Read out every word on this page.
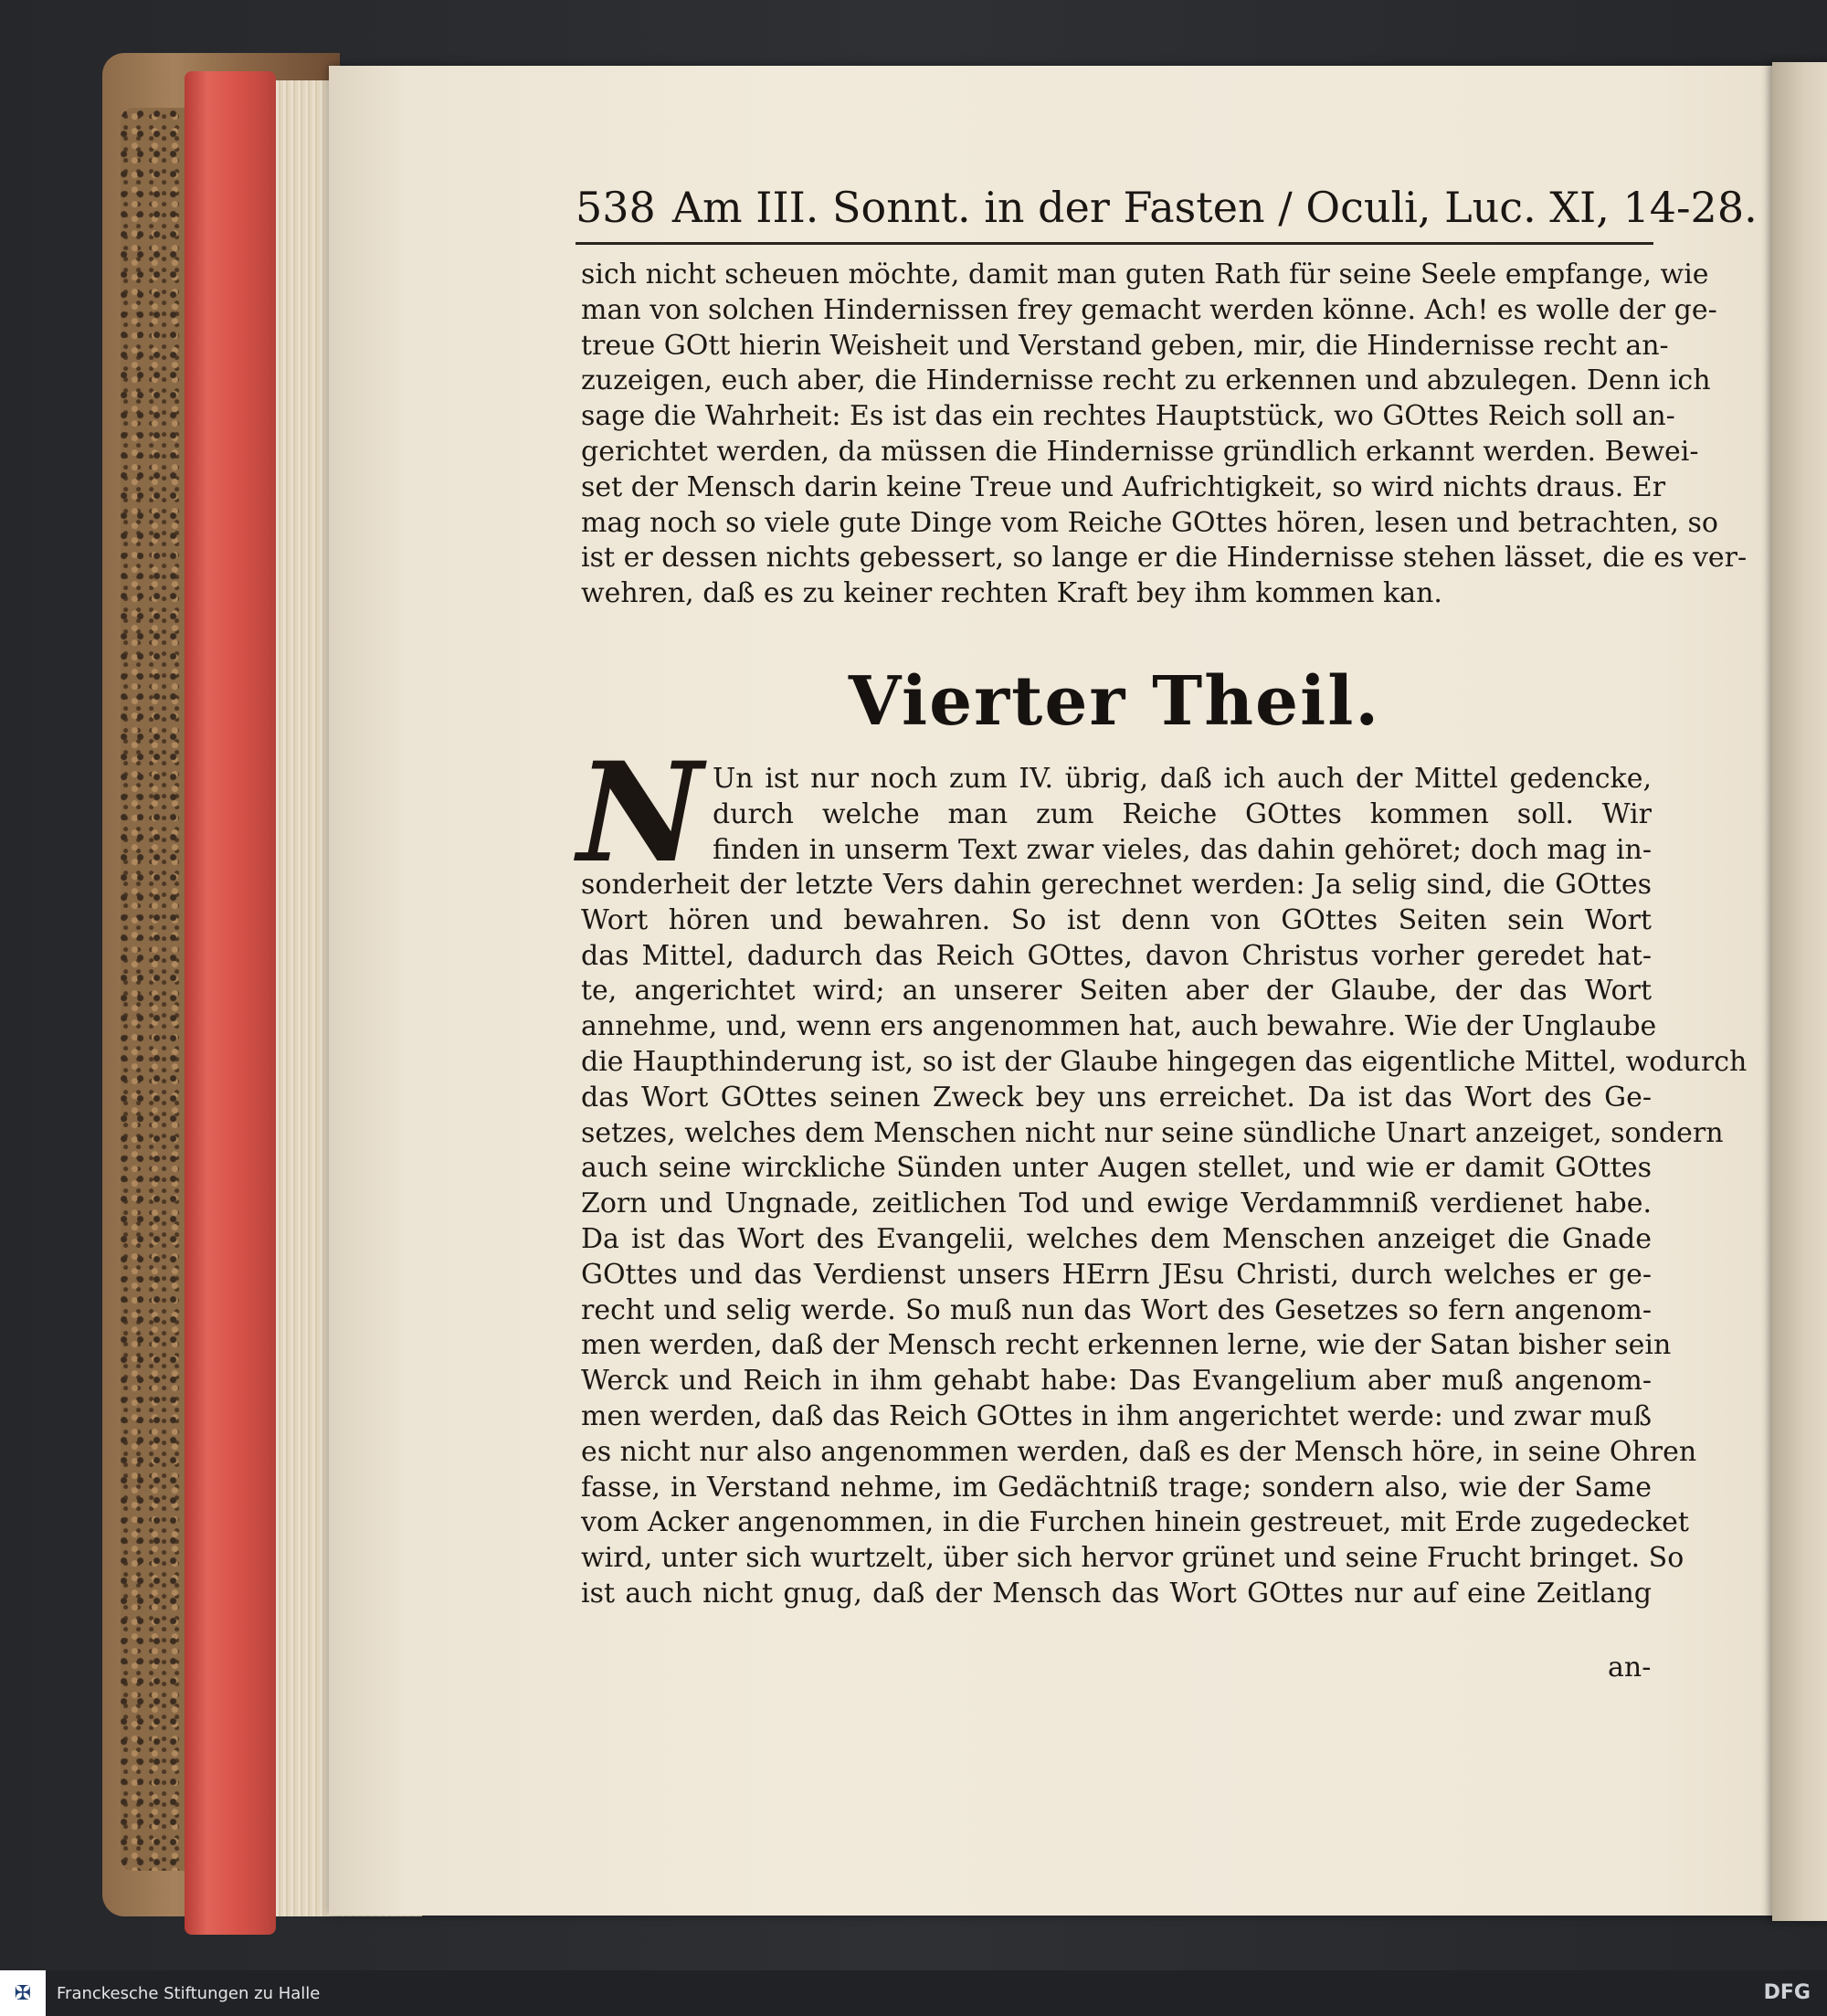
538 Am III. Sonnt. in der Fasten / Oculi, Luc. XI, 14-28.
sich nicht scheuen möchte, damit man guten Rath für seine Seele empfange, wie
man von solchen Hindernissen frey gemacht werden könne. Ach! es wolle der ge-
treue GOtt hierin Weisheit und Verstand geben, mir, die Hindernisse recht an-
zuzeigen, euch aber, die Hindernisse recht zu erkennen und abzulegen. Denn ich
sage die Wahrheit: Es ist das ein rechtes Hauptstück, wo GOttes Reich soll an-
gerichtet werden, da müssen die Hindernisse gründlich erkannt werden. Bewei-
set der Mensch darin keine Treue und Aufrichtigkeit, so wird nichts draus. Er
mag noch so viele gute Dinge vom Reiche GOttes hören, lesen und betrachten, so
ist er dessen nichts gebessert, so lange er die Hindernisse stehen lässet, die es ver-
wehren, daß es zu keiner rechten Kraft bey ihm kommen kan.
Vierter Theil.
N Un ist nur noch zum IV. übrig, daß ich auch der Mittel gedencke,
durch welche man zum Reiche GOttes kommen soll. Wir
finden in unserm Text zwar vieles, das dahin gehöret; doch mag in-
sonderheit der letzte Vers dahin gerechnet werden: Ja selig sind, die GOttes
Wort hören und bewahren. So ist denn von GOttes Seiten sein Wort
das Mittel, dadurch das Reich GOttes, davon Christus vorher geredet hat-
te, angerichtet wird; an unserer Seiten aber der Glaube, der das Wort
annehme, und, wenn ers angenommen hat, auch bewahre. Wie der Unglaube
die Haupthinderung ist, so ist der Glaube hingegen das eigentliche Mittel, wodurch
das Wort GOttes seinen Zweck bey uns erreichet. Da ist das Wort des Ge-
setzes, welches dem Menschen nicht nur seine sündliche Unart anzeiget, sondern
auch seine wirckliche Sünden unter Augen stellet, und wie er damit GOttes
Zorn und Ungnade, zeitlichen Tod und ewige Verdammniß verdienet habe.
Da ist das Wort des Evangelii, welches dem Menschen anzeiget die Gnade
GOttes und das Verdienst unsers HErrn JEsu Christi, durch welches er ge-
recht und selig werde. So muß nun das Wort des Gesetzes so fern angenom-
men werden, daß der Mensch recht erkennen lerne, wie der Satan bisher sein
Werck und Reich in ihm gehabt habe: Das Evangelium aber muß angenom-
men werden, daß das Reich GOttes in ihm angerichtet werde: und zwar muß
es nicht nur also angenommen werden, daß es der Mensch höre, in seine Ohren
fasse, in Verstand nehme, im Gedächtniß trage; sondern also, wie der Same
vom Acker angenommen, in die Furchen hinein gestreuet, mit Erde zugedecket
wird, unter sich wurtzelt, über sich hervor grünet und seine Frucht bringet. So
ist auch nicht gnug, daß der Mensch das Wort GOttes nur auf eine Zeitlang
an-
✠ Franckesche Stiftungen zu Halle	DFG
